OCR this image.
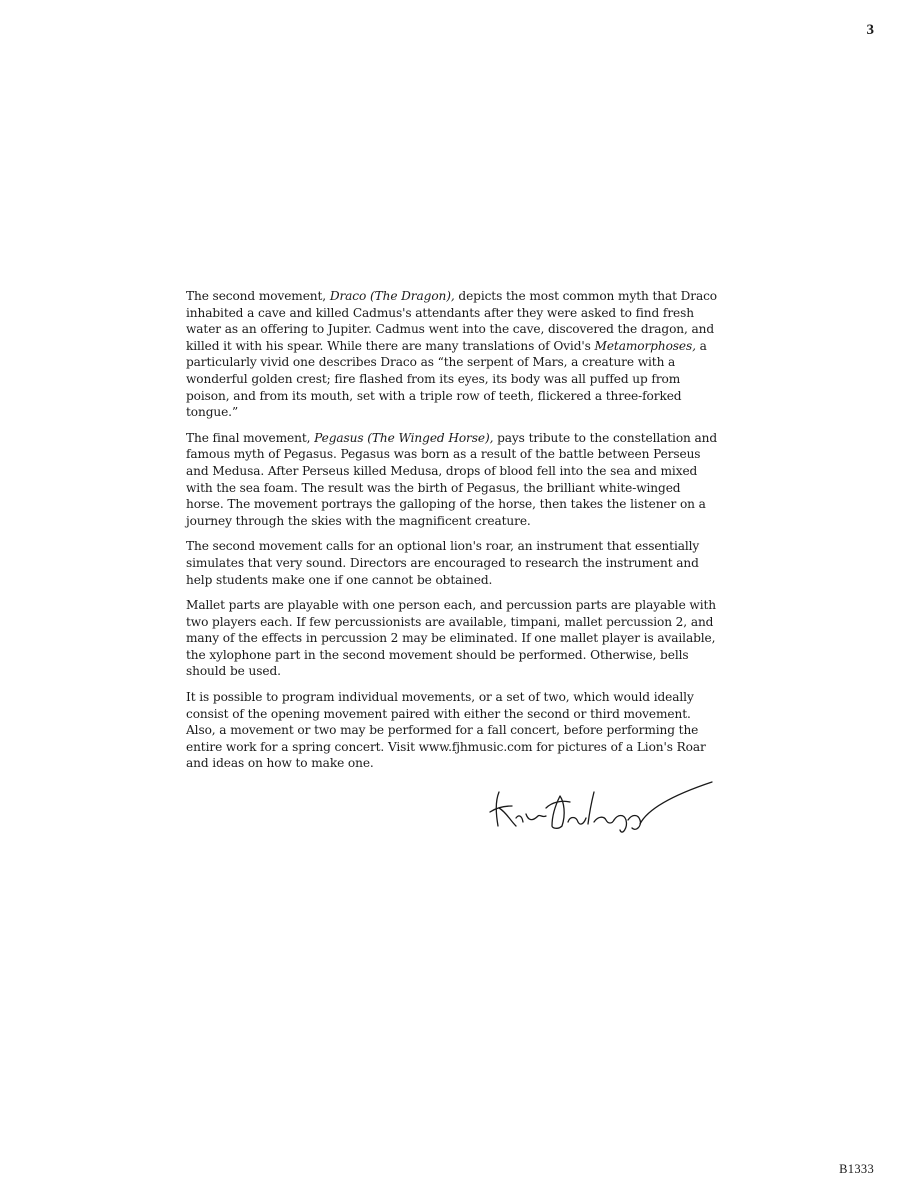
3

The second movement, Draco (The Dragon), depicts the most common myth that Draco inhabited a cave and killed Cadmus's attendants after they were asked to find fresh water as an offering to Jupiter. Cadmus went into the cave, discovered the dragon, and killed it with his spear. While there are many translations of Ovid's Metamorphoses, a particularly vivid one describes Draco as “the serpent of Mars, a creature with a wonderful golden crest; fire flashed from its eyes, its body was all puffed up from poison, and from its mouth, set with a triple row of teeth, flickered a three-forked tongue.”

The final movement, Pegasus (The Winged Horse), pays tribute to the constellation and famous myth of Pegasus. Pegasus was born as a result of the battle between Perseus and Medusa. After Perseus killed Medusa, drops of blood fell into the sea and mixed with the sea foam. The result was the birth of Pegasus, the brilliant white-winged horse. The movement portrays the galloping of the horse, then takes the listener on a journey through the skies with the magnificent creature.

The second movement calls for an optional lion's roar, an instrument that essentially simulates that very sound. Directors are encouraged to research the instrument and help students make one if one cannot be obtained.

Mallet parts are playable with one person each, and percussion parts are playable with two players each. If few percussionists are available, timpani, mallet percussion 2, and many of the effects in percussion 2 may be eliminated. If one mallet player is available, the xylophone part in the second movement should be performed. Otherwise, bells should be used.

It is possible to program individual movements, or a set of two, which would ideally consist of the opening movement paired with either the second or third movement. Also, a movement or two may be performed for a fall concert, before performing the entire work for a spring concert. Visit www.fjhmusic.com for pictures of a Lion's Roar and ideas on how to make one.

B1333
